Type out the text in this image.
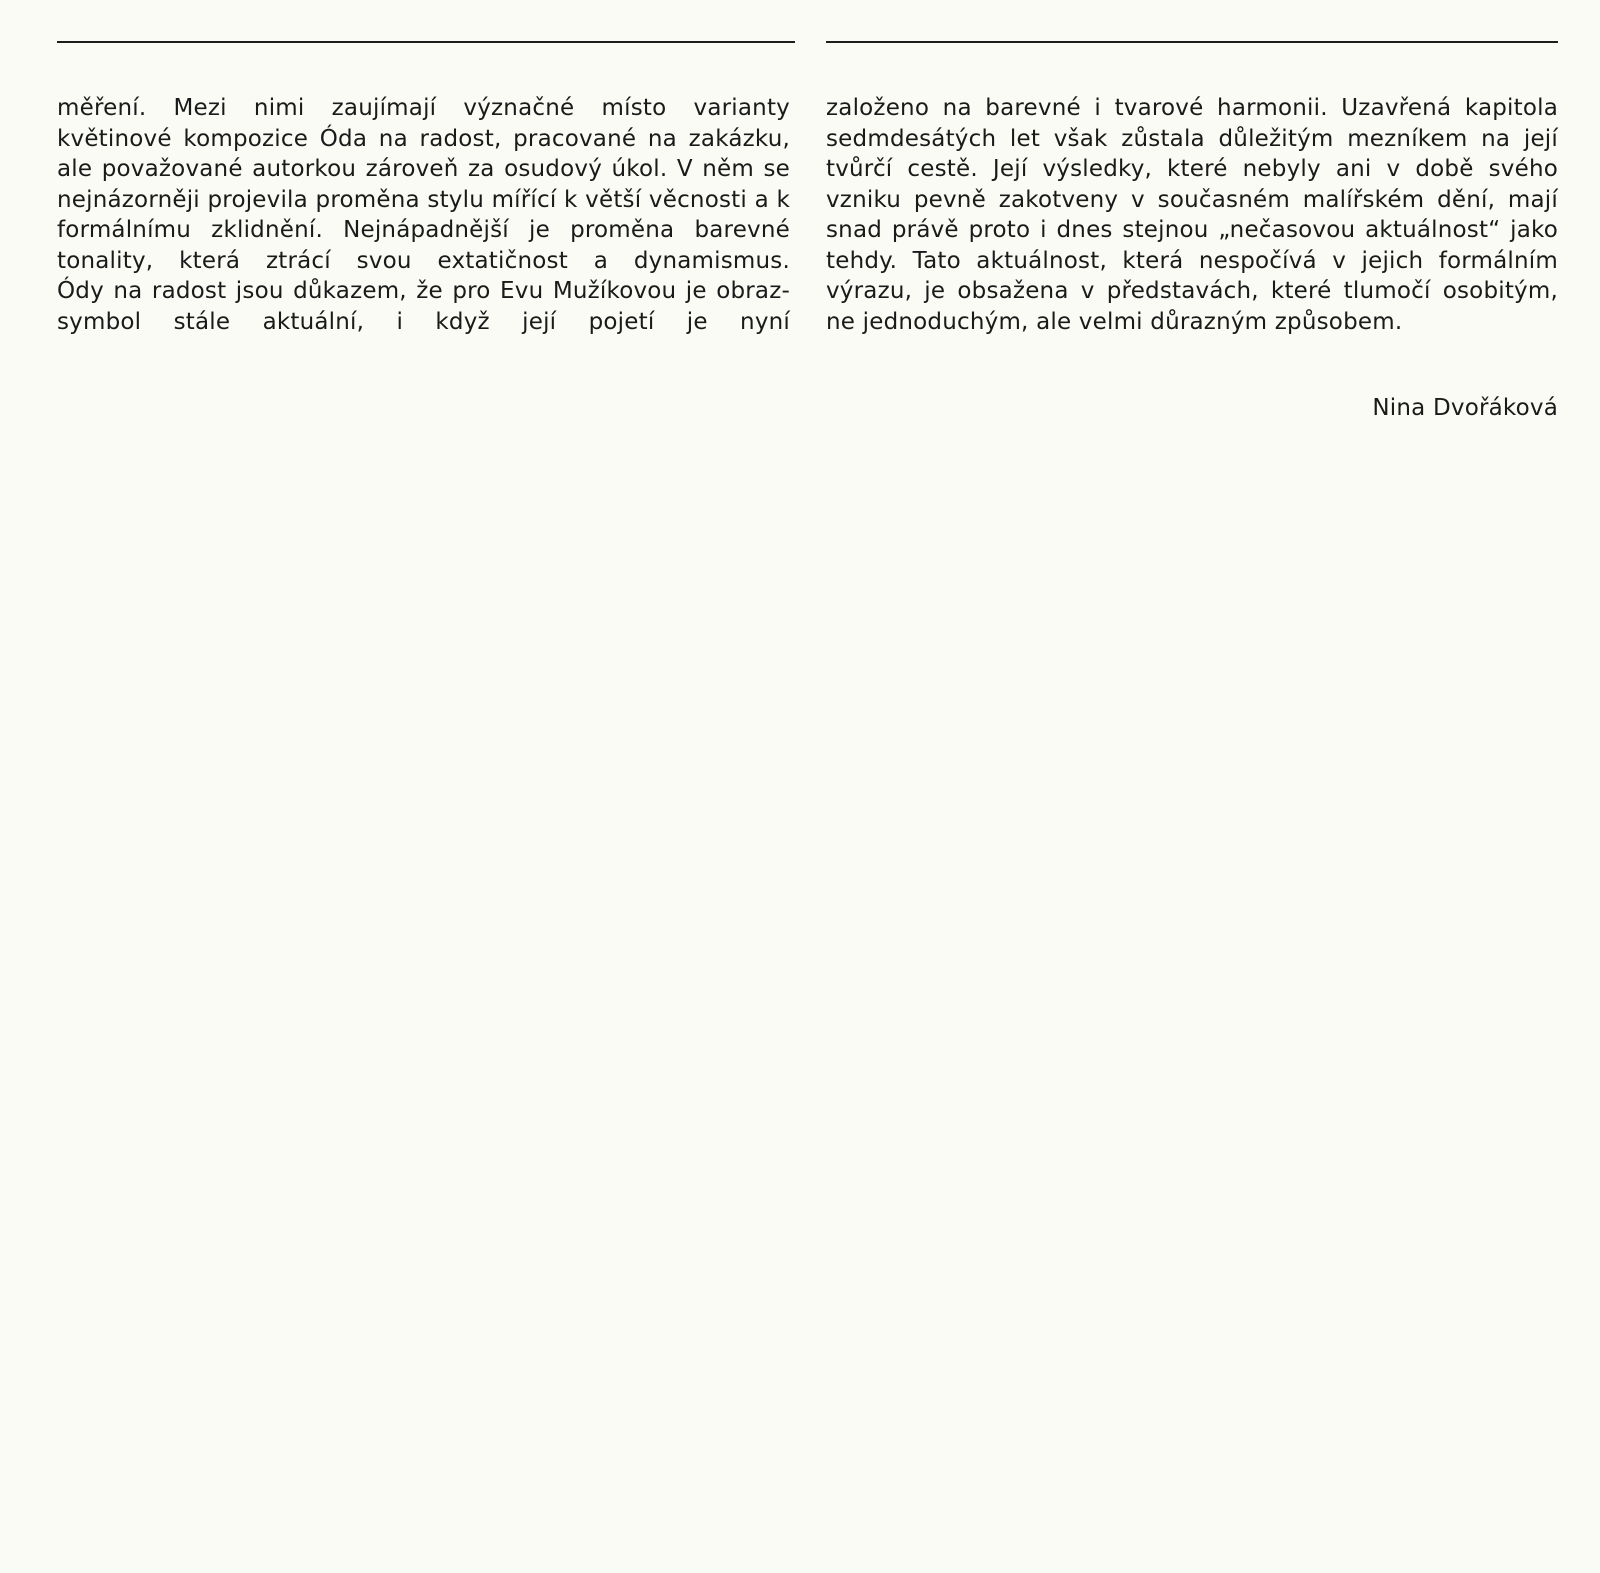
měření. Mezi nimi zaujímají význačné místo varianty květinové kompozice Óda na radost, pracované na zakázku, ale považované autorkou zároveň za osudový úkol. V něm se nejnázorněji projevila proměna stylu mířící k větší věcnosti a k formálnímu zklidnění. Nejnápadnější je proměna barevné tonality, která ztrácí svou extatičnost a dynamismus.

Ódy na radost jsou důkazem, že pro Evu Mužíkovou je obraz-symbol stále aktuální, i když její pojetí je nyní

založeno na barevné i tvarové harmonii. Uzavřená kapitola sedmdesátých let však zůstala důležitým mezníkem na její tvůrčí cestě. Její výsledky, které nebyly ani v době svého vzniku pevně zakotveny v současném malířském dění, mají snad právě proto i dnes stejnou „nečasovou aktuálnost“ jako tehdy. Tato aktuálnost, která nespočívá v jejich formálním výrazu, je obsažena v představách, které tlumočí osobitým, ne jednoduchým, ale velmi důrazným způsobem.

Nina Dvořáková
